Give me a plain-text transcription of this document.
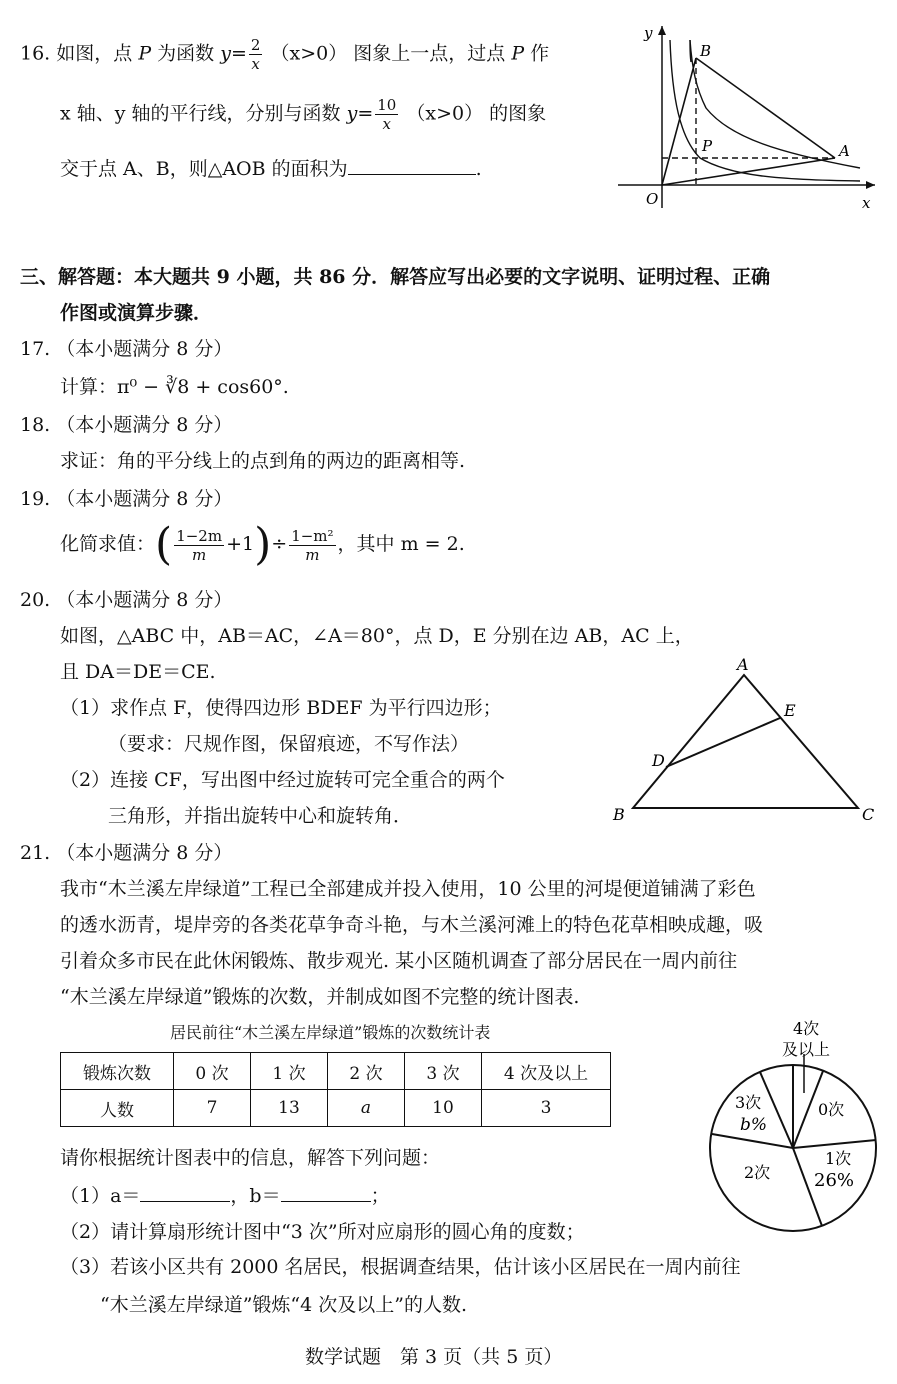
16. 如图，点 P 为函数 $y= \frac{2}{x} (x>0)$ 图象上一点，过点 P 作
x 轴、y 轴的平行线，分别与函数 $y= \frac{10}{x} (x>0)$ 的图象
交于点 A、B，则△AOB 的面积为	.
y
x
O
B
A
P
三、解答题：本大题共 9 小题，共 86 分．解答应写出必要的文字说明、证明过程、正确
作图或演算步骤．
17. （本小题满分 8 分）
计算：π⁰ − ∛8 + cos60°.
18. （本小题满分 8 分）
求证：角的平分线上的点到角的两边的距离相等.
19. （本小题满分 8 分）
化简求值：( $\frac{1-2m}{m} +1)\div \frac{\text{1−m²}}{m}$ ，其中 m = 2.
20. （本小题满分 8 分）
如图，△ABC 中，AB＝AC，∠A＝80°，点 D，E 分别在边 AB，AC 上，
且 DA＝DE＝CE.
（1）求作点 F，使得四边形 BDEF 为平行四边形；
（要求：尺规作图，保留痕迹，不写作法）
（2）连接 CF，写出图中经过旋转可完全重合的两个
三角形，并指出旋转中心和旋转角．
A
B	C
D
E
21. （本小题满分 8 分）
我市“木兰溪左岸绿道”工程已全部建成并投入使用，10 公里的河堤便道铺满了彩色
的透水沥青，堤岸旁的各类花草争奇斗艳，与木兰溪河滩上的特色花草相映成趣，吸
引着众多市民在此休闲锻炼、散步观光. 某小区随机调查了部分居民在一周内前往
“木兰溪左岸绿道”锻炼的次数，并制成如图不完整的统计图表.
居民前往“木兰溪左岸绿道”锻炼的次数统计表
锻炼次数	0 次	1 次	2 次	3 次	4 次及以上
人数	7	13	a	10	3
4次
及以上
0次
1次
26%
2次
3次
b%
请你根据统计图表中的信息，解答下列问题：
（1）a＝	，b＝	；
（2）请计算扇形统计图中“3 次”所对应扇形的圆心角的度数；
（3）若该小区共有 2000 名居民，根据调查结果，估计该小区居民在一周内前往
“木兰溪左岸绿道”锻炼“4 次及以上”的人数.
数学试题　第 3 页（共 5 页）
